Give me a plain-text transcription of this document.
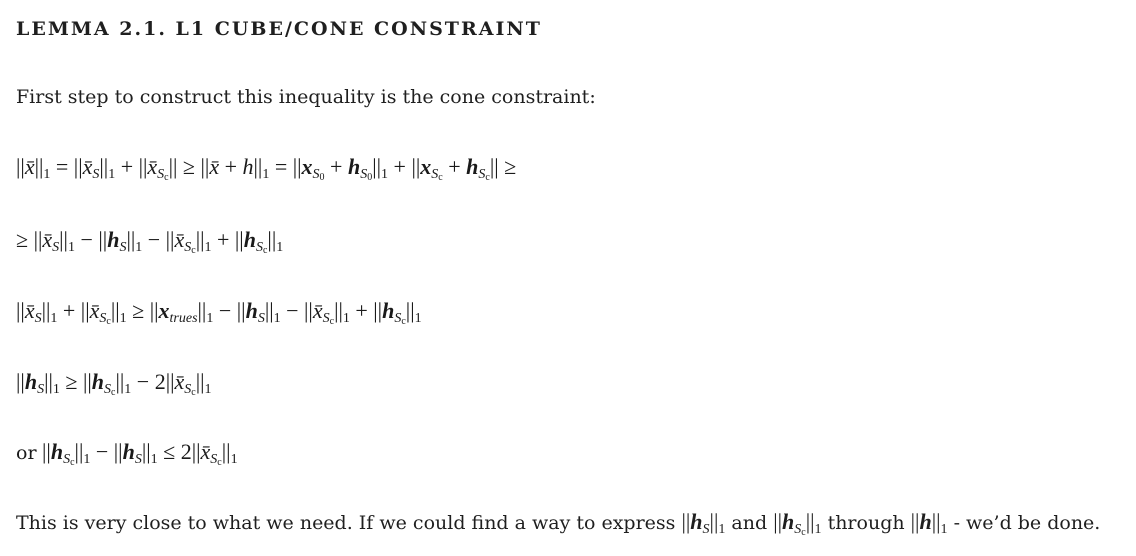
LEMMA 2.1. L1 CUBE/CONE CONSTRAINT
First step to construct this inequality is the cone constraint:
$||x̄||_1$ = $||x̄_S||_1$ + $||x̄_{S_c}||$ ≥ ||x̄ + $h||_1 = ||x_{S_0} + h_{S_0}||_1 + ||x_{S_c} + h_{S_c}||$ ≥
≥ $||x̄_S||_1 - ||h_S||_1$ − $||x̄_{S_c}||_1 + ||h_{S_c}||_1$
$||x̄_S||_1$ + $||x̄_{S_c}||_1 \ge ||x_{trues}||_1 - ||h_S||_1$ − $||x̄_{S_c}||_1 + ||h_{S_c}||_1$
$||h_S||_1 \ge ||h_{S_c}||_1$ − $2||x̄_{S_c}||_1$
or $||h_{S_c}||_1 - ||h_S||_1$ ≤ $2||x̄_{S_c}||_1$
This is very close to what we need. If we could find a way to express $||h_S||_1$ and $||h_{S_c}||_1$ through $||h||_1$ - we’d be done.
